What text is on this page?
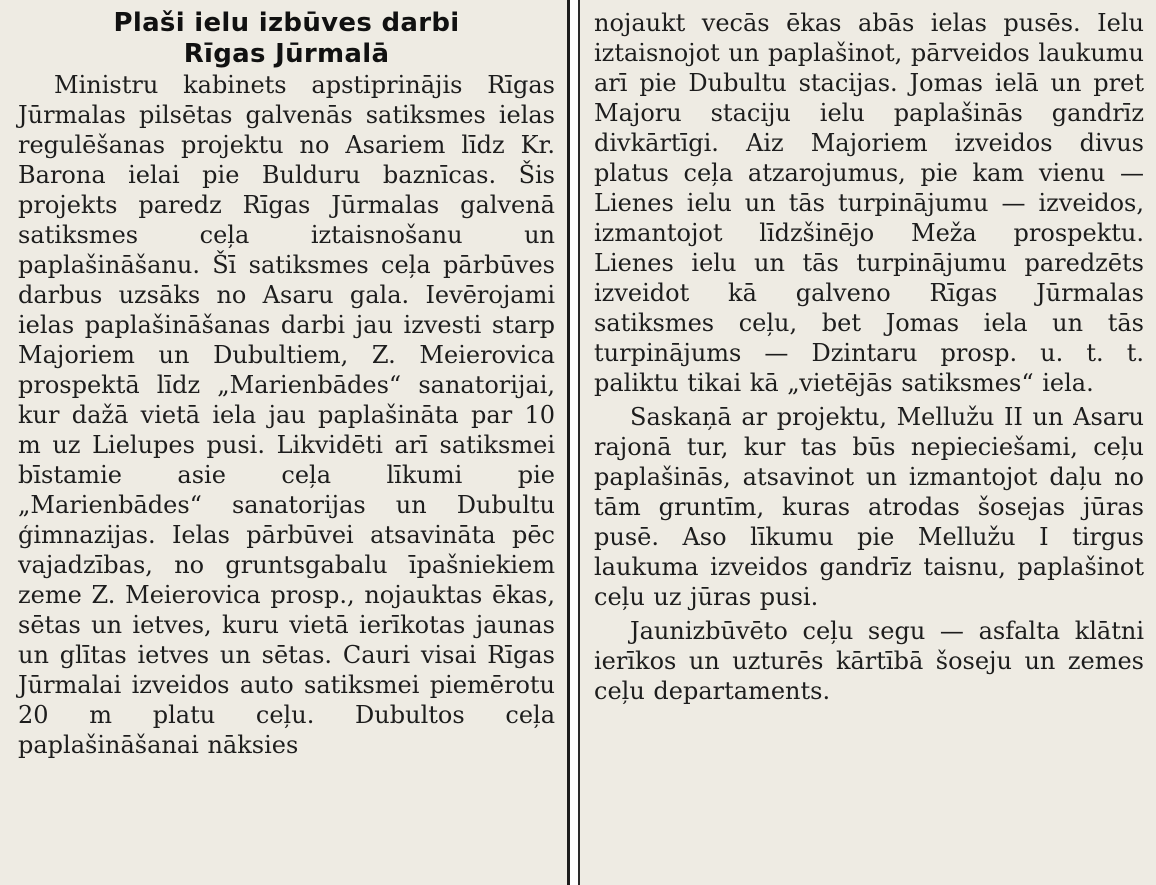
Plaši ielu izbūves darbi
Rīgas Jūrmalā

Ministru kabinets apstiprinājis Rīgas Jūrmalas pilsētas galvenās satiksmes ielas regulēšanas projektu no Asariem līdz Kr. Barona ielai pie Bulduru baznīcas. Šis projekts paredz Rīgas Jūrmalas galvenā satiksmes ceļa iztaisnošanu un paplašināšanu. Šī satiksmes ceļa pārbūves darbus uzsāks no Asaru gala. Ievērojami ielas paplašināšanas darbi jau izvesti starp Majoriem un Dubultiem, Z. Meierovica prospektā līdz „Marienbādes“ sanatorijai, kur dažā vietā iela jau paplašināta par 10 m uz Lielupes pusi. Likvidēti arī satiksmei bīstamie asie ceļa līkumi pie „Marienbādes“ sanatorijas un Dubultu ģimnazijas. Ielas pārbūvei atsavināta pēc vajadzības, no gruntsgabalu īpašniekiem zeme Z. Meierovica prosp., nojauktas ēkas, sētas un ietves, kuru vietā ierīkotas jaunas un glītas ietves un sētas. Cauri visai Rīgas Jūrmalai izveidos auto satiksmei piemērotu 20 m platu ceļu. Dubultos ceļa paplašināšanai nāksies

nojaukt vecās ēkas abās ielas pusēs. Ielu iztaisnojot un paplašinot, pārveidos laukumu arī pie Dubultu stacijas. Jomas ielā un pret Majoru staciju ielu paplašinās gandrīz divkārtīgi. Aiz Majoriem izveidos divus platus ceļa atzarojumus, pie kam vienu — Lienes ielu un tās turpinājumu — izveidos, izmantojot līdzšinējo Meža prospektu. Lienes ielu un tās turpinājumu paredzēts izveidot kā galveno Rīgas Jūrmalas satiksmes ceļu, bet Jomas iela un tās turpinājums — Dzintaru prosp. u. t. t. paliktu tikai kā „vietējās satiksmes“ iela.

Saskaņā ar projektu, Mellužu II un Asaru rajonā tur, kur tas būs nepieciešami, ceļu paplašinās, atsavinot un izmantojot daļu no tām gruntīm, kuras atrodas šosejas jūras pusē. Aso līkumu pie Mellužu I tirgus laukuma izveidos gandrīz taisnu, paplašinot ceļu uz jūras pusi.

Jaunizbūvēto ceļu segu — asfalta klātni ierīkos un uzturēs kārtībā šoseju un zemes ceļu departaments.
